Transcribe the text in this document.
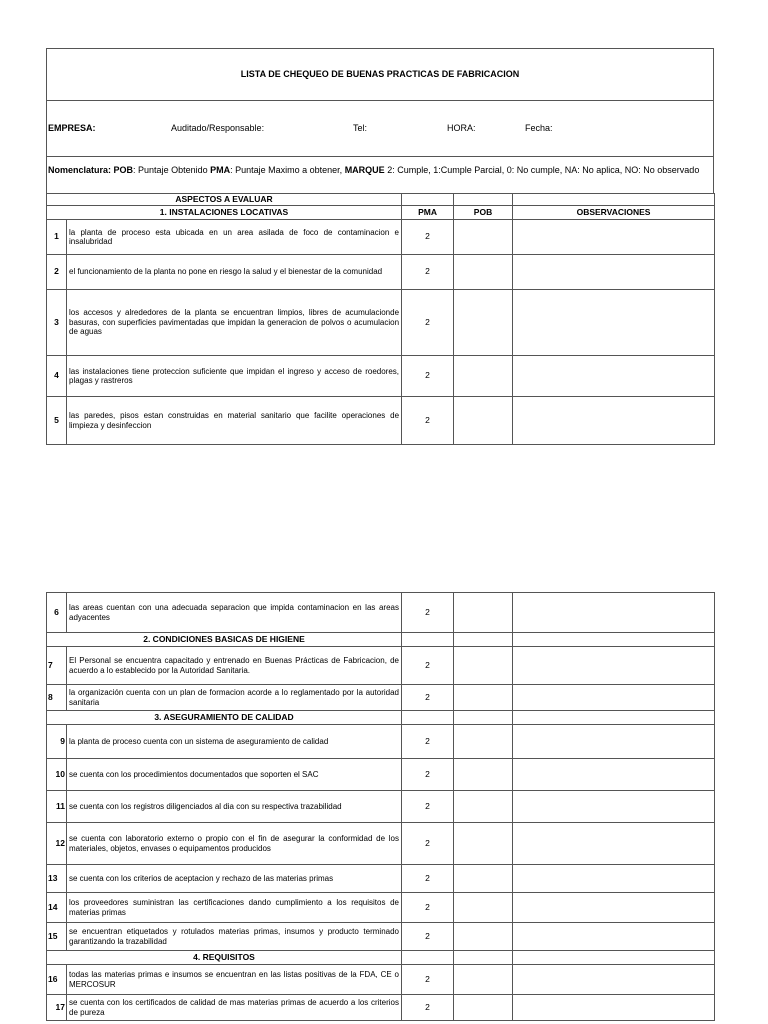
LISTA DE CHEQUEO DE BUENAS PRACTICAS DE FABRICACION
EMPRESA:	Auditado/Responsable:	Tel:	HORA:	Fecha:
Nomenclatura: POB: Puntaje Obtenido PMA: Puntaje Maximo a obtener, MARQUE 2: Cumple, 1:Cumple Parcial, 0: No cumple, NA: No aplica, NO: No observado
ASPECTOS A EVALUAR				
1. INSTALACIONES LOCATIVAS		PMA	POB	OBSERVACIONES
1	la planta de proceso esta ubicada en un area asilada de foco de contaminacion e insalubridad	2		
2	el funcionamiento de la planta no pone en riesgo la salud y el bienestar de la comunidad	2		
3	los accesos y alrededores de la planta se encuentran limpios, libres de acumulacionde basuras, con superficies pavimentadas que impidan la generacion de polvos o acumulacion de aguas	2		
4	las instalaciones tiene proteccion suficiente que impidan el ingreso y acceso de roedores, plagas y rastreros	2		
5	las paredes, pisos estan construidas en material sanitario que facilite operaciones de limpieza y desinfeccion	2		
6	las areas cuentan con una adecuada separacion que impida contaminacion en las areas adyacentes	2		
2. CONDICIONES BASICAS DE HIGIENE				
7	El Personal se encuentra capacitado y entrenado en Buenas Prácticas de Fabricacion, de acuerdo a lo establecido por la Autoridad Sanitaria.	2		
8	la organización cuenta con un plan de formacion acorde a lo reglamentado por la autoridad sanitaria	2		
3. ASEGURAMIENTO DE CALIDAD				
9	la planta de proceso cuenta con un sistema de aseguramiento de calidad	2		
10	se cuenta con los procedimientos documentados que soporten el SAC	2		
11	se cuenta con los registros diligenciados al dia con su respectiva trazabilidad	2		
12	se cuenta con laboratorio externo o propio con el fin de asegurar la conformidad de los materiales, objetos, envases o equipamentos producidos	2		
13	se cuenta con los criterios de aceptacion y rechazo de las materias primas	2		
14	los proveedores suministran las certificaciones dando cumplimiento a los requisitos de materias primas	2		
15	se encuentran etiquetados y rotulados materias primas, insumos y producto terminado garantizando la trazabilidad	2		
4. REQUISITOS				
16	todas las materias primas e insumos se encuentran en las listas positivas de la FDA, CE o MERCOSUR	2		
17	se cuenta con los certificados de calidad de mas materias primas de acuerdo a los criterios de pureza	2		
